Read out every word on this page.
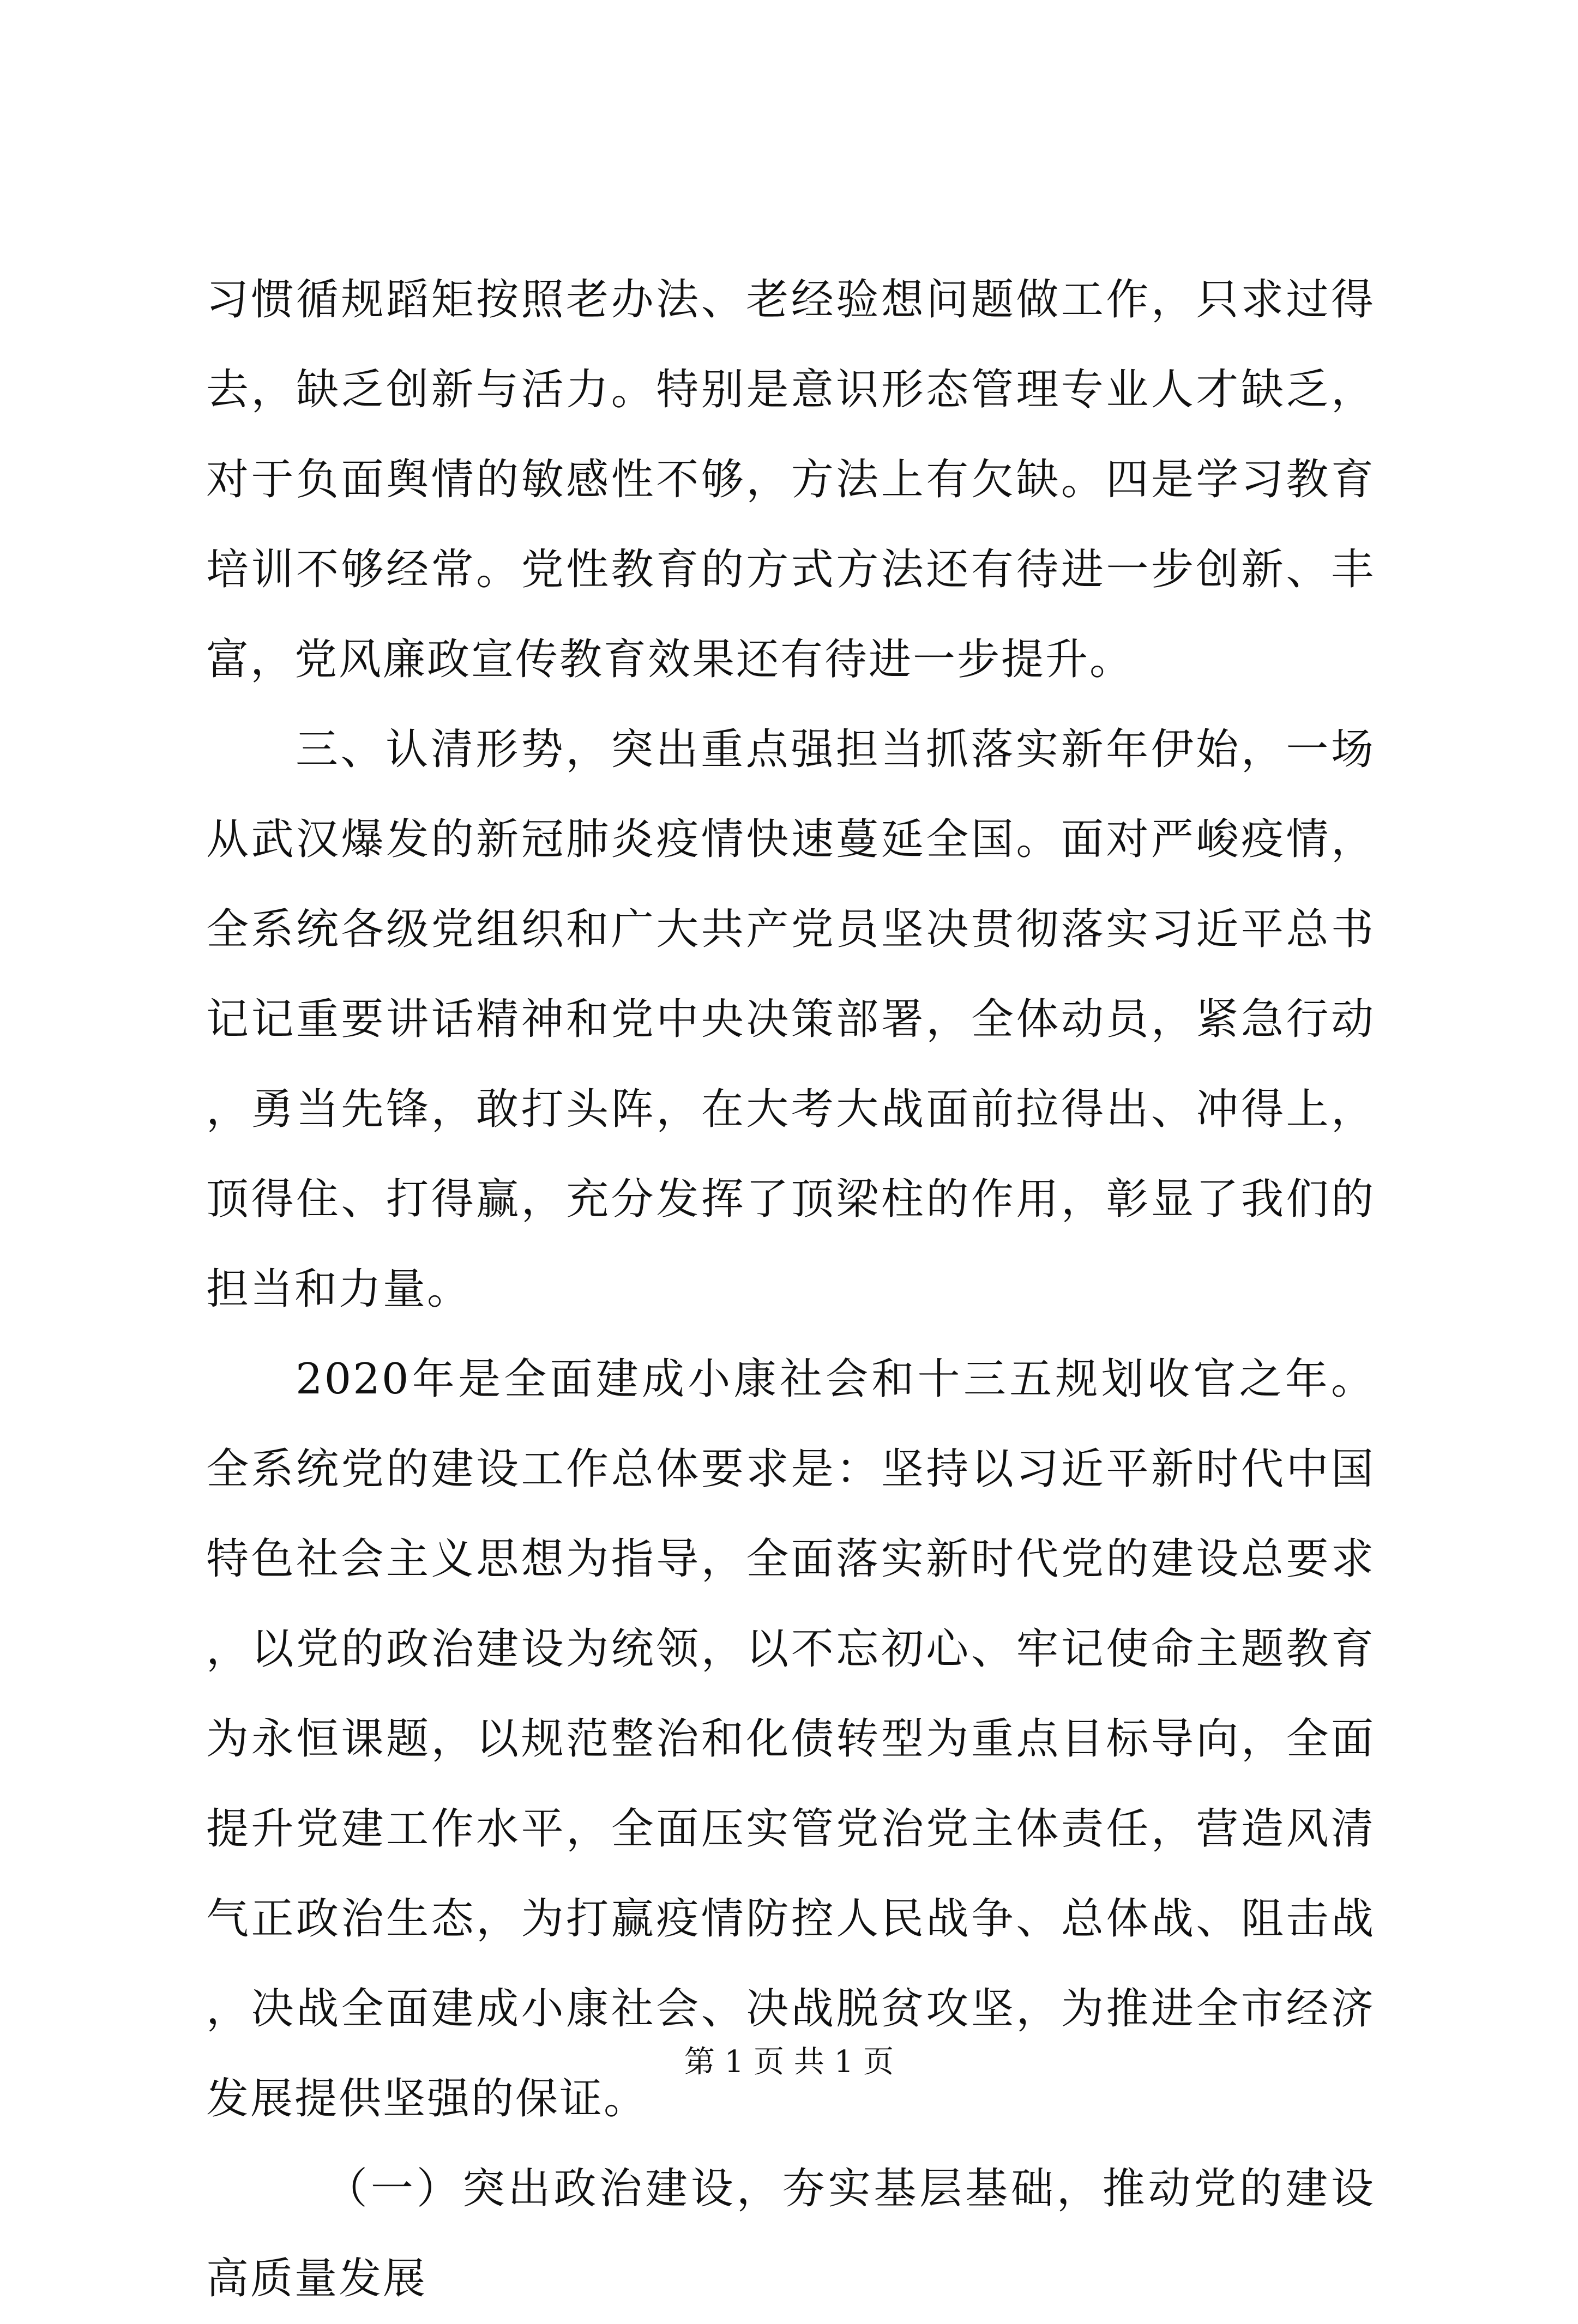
习惯循规蹈矩按照老办法、老经验想问题做工作，只求过得去，缺乏创新与活力。特别是意识形态管理专业人才缺乏，对于负面舆情的敏感性不够，方法上有欠缺。四是学习教育培训不够经常。党性教育的方式方法还有待进一步创新、丰富，党风廉政宣传教育效果还有待进一步提升。

三、认清形势，突出重点强担当抓落实新年伊始，一场从武汉爆发的新冠肺炎疫情快速蔓延全国。面对严峻疫情，全系统各级党组织和广大共产党员坚决贯彻落实习近平总书记记重要讲话精神和党中央决策部署，全体动员，紧急行动，勇当先锋，敢打头阵，在大考大战面前拉得出、冲得上，顶得住、打得赢，充分发挥了顶梁柱的作用，彰显了我们的担当和力量。

2020年是全面建成小康社会和十三五规划收官之年。全系统党的建设工作总体要求是：坚持以习近平新时代中国特色社会主义思想为指导，全面落实新时代党的建设总要求，以党的政治建设为统领，以不忘初心、牢记使命主题教育为永恒课题，以规范整治和化债转型为重点目标导向，全面提升党建工作水平，全面压实管党治党主体责任，营造风清气正政治生态，为打赢疫情防控人民战争、总体战、阻击战，决战全面建成小康社会、决战脱贫攻坚，为推进全市经济发展提供坚强的保证。

（一）突出政治建设，夯实基层基础，推动党的建设高质量发展

第 1 页 共 1 页
